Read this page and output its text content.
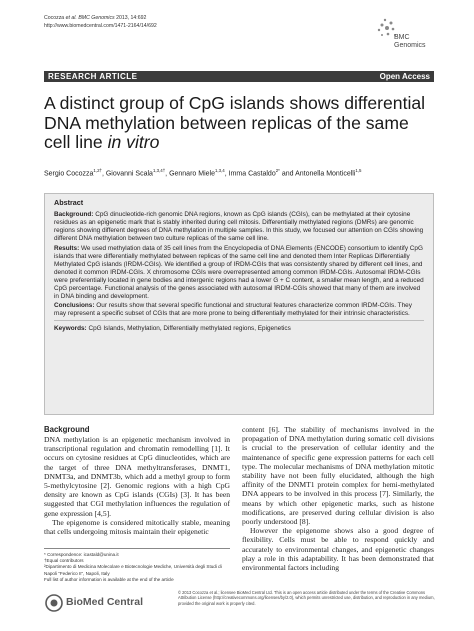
Cocozza et al. BMC Genomics 2013, 14:692
http://www.biomedcentral.com/1471-2164/14/692
BMC
Genomics
RESEARCH ARTICLE	Open Access
A distinct group of CpG islands shows differential DNA methylation between replicas of the same cell line in vitro
Sergio Cocozza$^{1,2\dagger}$, Giovanni Scala$^{1,3,4\dagger}$, Gennaro Miele$^{1,3,4}$, Imma Castaldo$^{2*}$ and Antonella Monticelli$^{1,5}$
Abstract

Background: CpG dinucleotide-rich genomic DNA regions, known as CpG islands (CGIs), can be methylated at their cytosine residues as an epigenetic mark that is stably inherited during cell mitosis. Differentially methylated regions (DMRs) are genomic regions showing different degrees of DNA methylation in multiple samples. In this study, we focused our attention on CGIs showing different DNA methylation between two culture replicas of the same cell line.

Results: We used methylation data of 35 cell lines from the Encyclopedia of DNA Elements (ENCODE) consortium to identify CpG islands that were differentially methylated between replicas of the same cell line and denoted them Inter Replicas Differentially Methylated CpG islands (IRDM-CGIs). We identified a group of IRDM-CGIs that was consistently shared by different cell lines, and denoted it common IRDM-CGIs. X chromosome CGIs were overrepresented among common IRDM-CGIs. Autosomal IRDM-CGIs were preferentially located in gene bodies and intergenic regions had a lower G + C content, a smaller mean length, and a reduced CpG percentage. Functional analysis of the genes associated with autosomal IRDM-CGIs showed that many of them are involved in DNA binding and development.

Conclusions: Our results show that several specific functional and structural features characterize common IRDM-CGIs. They may represent a specific subset of CGIs that are more prone to being differentially methylated for their intrinsic characteristics.

Keywords: CpG Islands, Methylation, Differentially methylated regions, Epigenetics

Background

DNA methylation is an epigenetic mechanism involved in transcriptional regulation and chromatin remodelling [1]. It occurs on cytosine residues at CpG dinucleotides, which are the target of three DNA methyltransferases, DNMT1, DNMT3a, and DNMT3b, which add a methyl group to form 5-methylcytosine [2]. Genomic regions with a high CpG density are known as CpG islands (CGIs) [3]. It has been suggested that CGI methylation influences the regulation of gene expression [4,5].

The epigenome is considered mitotically stable, meaning that cells undergoing mitosis maintain their epigenetic

* Correspondence: icastald@unina.it
†Equal contributors
²Dipartimento di Medicina Molecolare e Biotecnologie Mediche, Università degli Studi di Napoli “Federico II”, Napoli, Italy
Full list of author information is available at the end of the article

content [6]. The stability of mechanisms involved in the propagation of DNA methylation during somatic cell divisions is crucial to the preservation of cellular identity and the maintenance of specific gene expression patterns for each cell type. The molecular mechanisms of DNA methylation mitotic stability have not been fully elucidated, although the high affinity of the DNMT1 protein complex for hemi-methylated DNA appears to be involved in this process [7]. Similarly, the means by which other epigenetic marks, such as histone modifications, are preserved during cellular division is also poorly understood [8].

However the epigenome shows also a good degree of flexibility. Cells must be able to respond quickly and accurately to environmental changes, and epigenetic changes play a role in this adaptability. It has been demonstrated that environmental factors including

BioMed Central
© 2013 Cocozza et al.; licensee BioMed Central Ltd. This is an open access article distributed under the terms of the Creative Commons Attribution License (http://creativecommons.org/licenses/by/2.0), which permits unrestricted use, distribution, and reproduction in any medium, provided the original work is properly cited.
